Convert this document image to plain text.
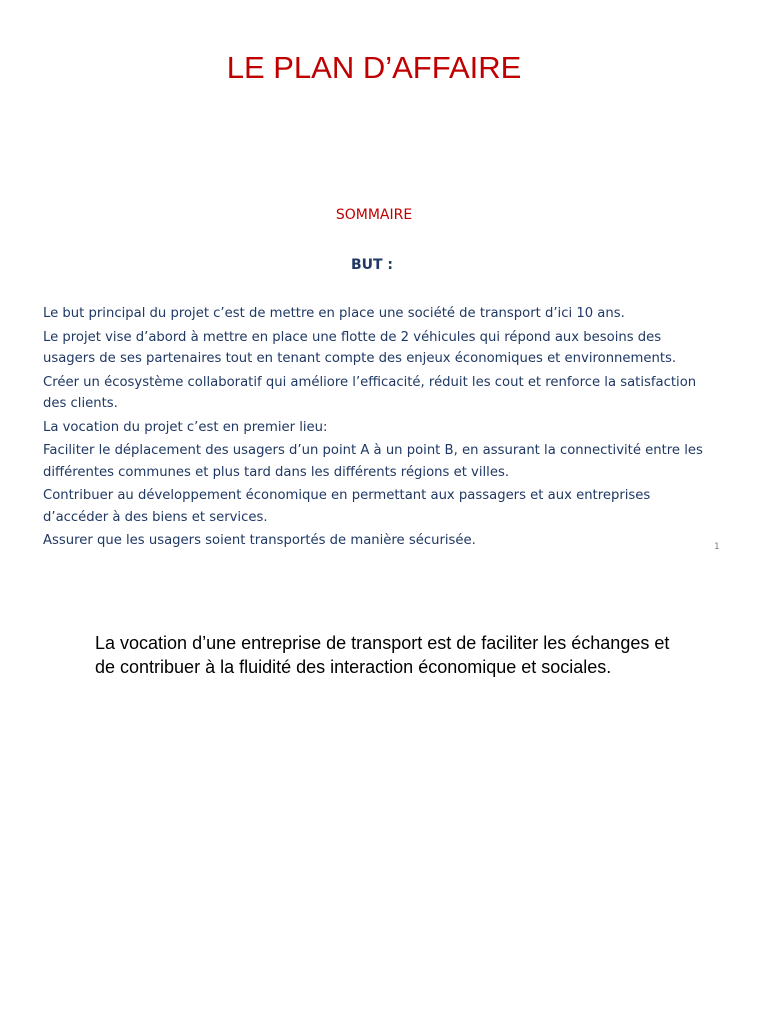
LE PLAN D’AFFAIRE
SOMMAIRE
BUT :

Le but principal du projet c’est de mettre en place une société de transport d’ici 10 ans.

Le projet vise d’abord à mettre en place une flotte de 2 véhicules qui répond aux besoins des usagers de ses partenaires tout en tenant compte des enjeux économiques et environnements.

Créer un écosystème collaboratif qui améliore l’efficacité, réduit les cout et renforce la satisfaction des clients.

La vocation du projet c’est en premier lieu:

Faciliter le déplacement des usagers d’un point A à un point B, en assurant la connectivité entre les différentes communes et plus tard dans les différents régions et villes.

Contribuer au développement économique en permettant aux passagers et aux entreprises d’accéder à des biens et services.

Assurer que les usagers soient transportés de manière sécurisée.	1

La vocation d’une entreprise de transport est de faciliter les échanges et de contribuer à la fluidité des interaction économique et sociales.
